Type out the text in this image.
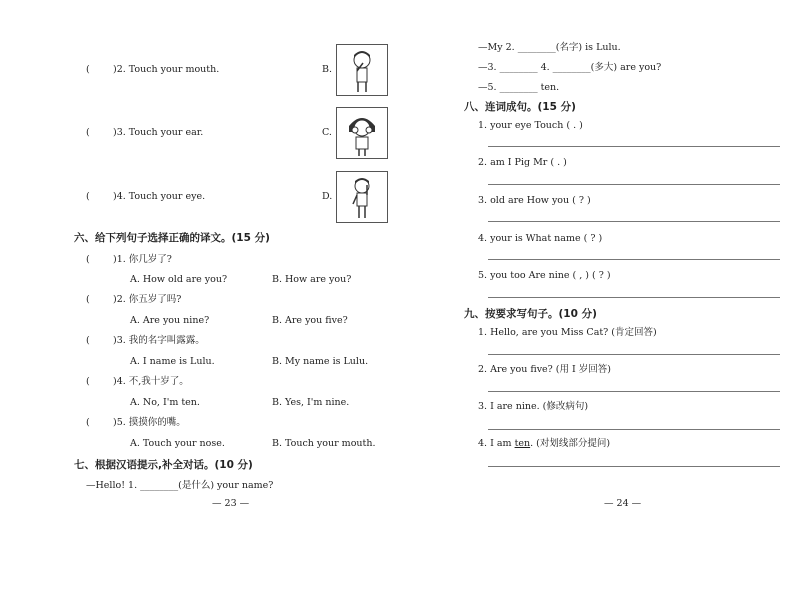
( )2. Touch your mouth.	B.
( )3. Touch your ear.	C.
( )4. Touch your eye.	D.
六、给下列句子选择正确的译文。(15 分)
( )1. 你几岁了?
A. How old are you?	B. How are you?
( )2. 你五岁了吗?
A. Are you nine?	B. Are you five?
( )3. 我的名字叫露露。
A. I name is Lulu.	B. My name is Lulu.
( )4. 不,我十岁了。
A. No, I'm ten.	B. Yes, I'm nine.
( )5. 摸摸你的嘴。
A. Touch your nose.	B. Touch your mouth.
七、根据汉语提示,补全对话。(10 分)
—Hello! 1. ________(是什么) your name?
— 23 —
—My 2. ________(名字) is Lulu.
—3. ________ 4. ________(多大) are you?
—5. ________ ten.
八、连词成句。(15 分)
1. your eye Touch ( . )
2. am I Pig Mr ( . )
3. old are How you ( ? )
4. your is What name ( ? )
5. you too Are nine ( , ) ( ? )
九、按要求写句子。(10 分)
1. Hello, are you Miss Cat? (肯定回答)
2. Are you five? (用 I 岁回答)
3. I are nine. (修改病句)
4. I am ten. (对划线部分提问)
— 24 —
